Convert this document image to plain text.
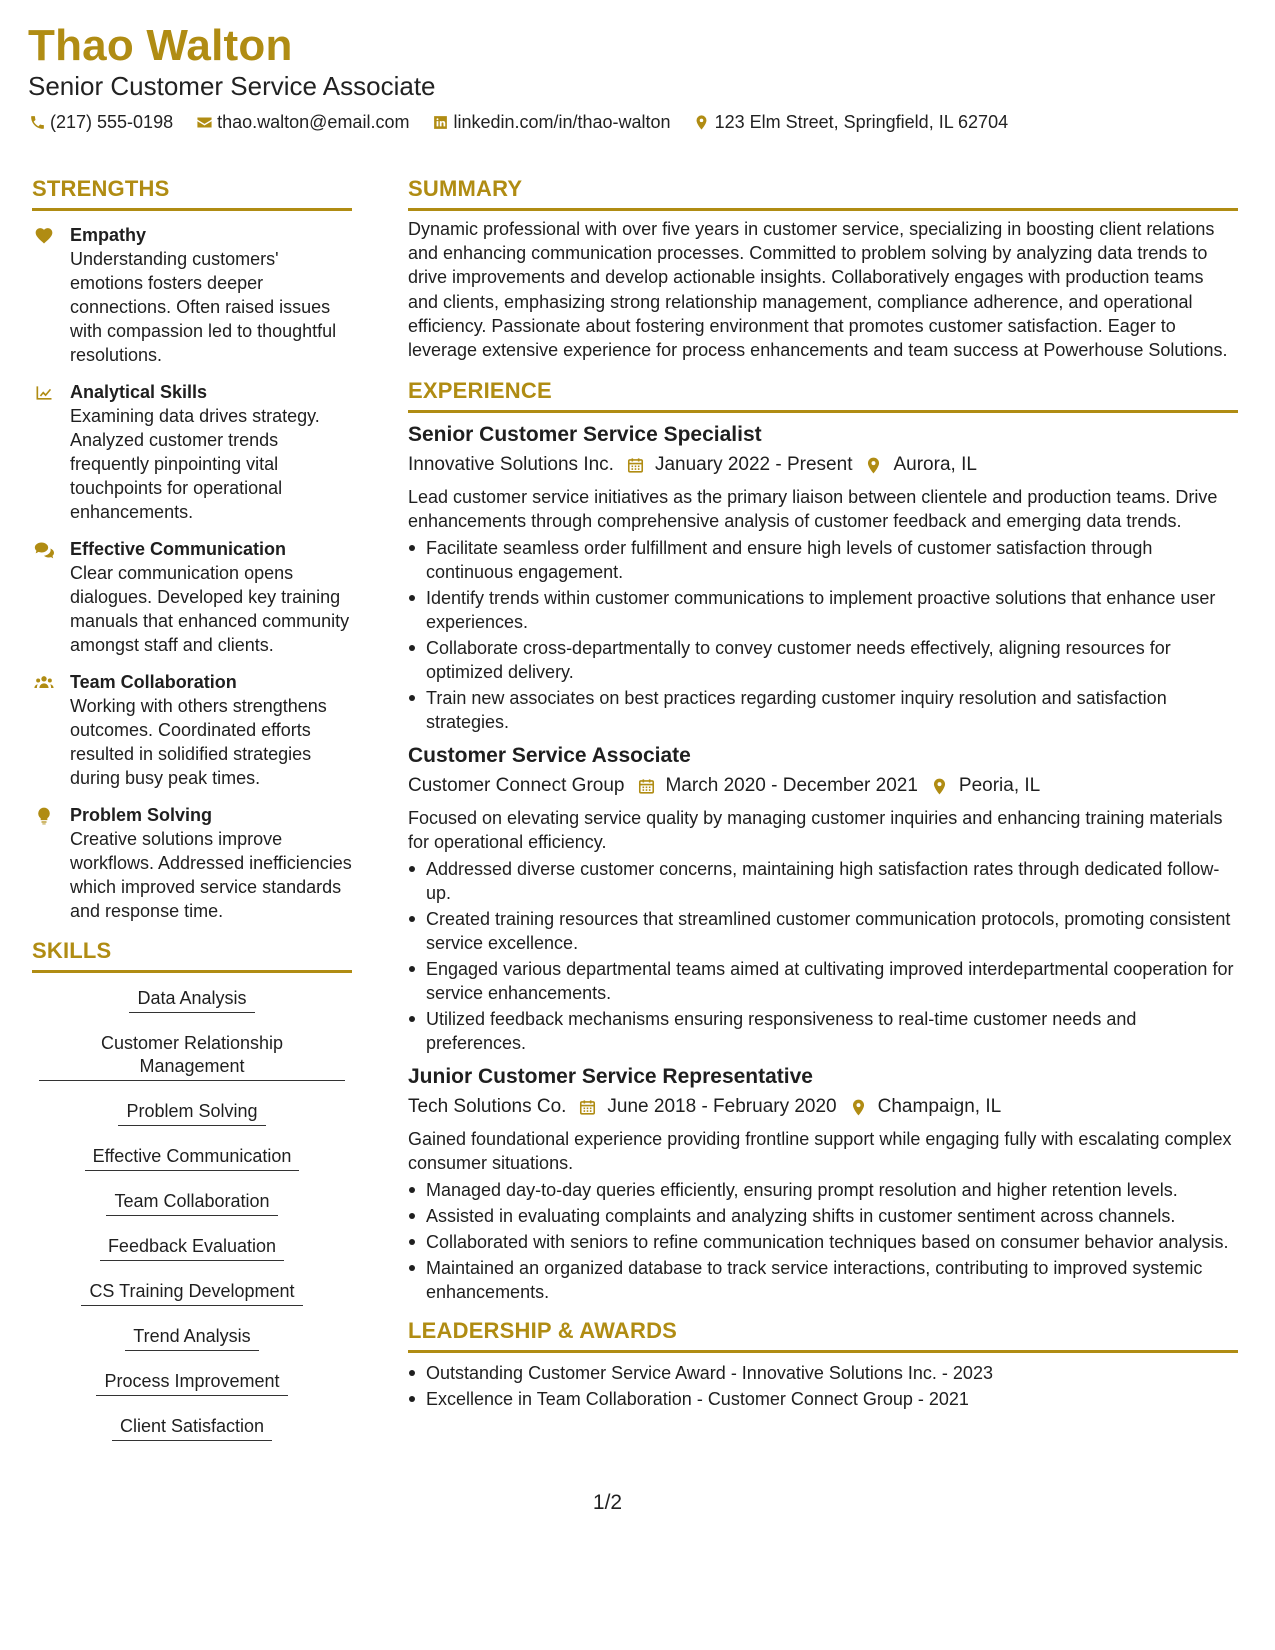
Thao Walton
Senior Customer Service Associate
(217) 555-0198 thao.walton@email.com linkedin.com/in/thao-walton 123 Elm Street, Springfield, IL 62704
STRENGTHS
Empathy
Understanding customers' emotions fosters deeper connections. Often raised issues with compassion led to thoughtful resolutions.
Analytical Skills
Examining data drives strategy. Analyzed customer trends frequently pinpointing vital touchpoints for operational enhancements.
Effective Communication
Clear communication opens dialogues. Developed key training manuals that enhanced community amongst staff and clients.
Team Collaboration
Working with others strengthens outcomes. Coordinated efforts resulted in solidified strategies during busy peak times.
Problem Solving
Creative solutions improve workflows. Addressed inefficiencies which improved service standards and response time.
SKILLS
Data Analysis
Customer Relationship Management
Problem Solving
Effective Communication
Team Collaboration
Feedback Evaluation
CS Training Development
Trend Analysis
Process Improvement
Client Satisfaction
SUMMARY
Dynamic professional with over five years in customer service, specializing in boosting client relations and enhancing communication processes. Committed to problem solving by analyzing data trends to drive improvements and develop actionable insights. Collaboratively engages with production teams and clients, emphasizing strong relationship management, compliance adherence, and operational efficiency. Passionate about fostering environment that promotes customer satisfaction. Eager to leverage extensive experience for process enhancements and team success at Powerhouse Solutions.
EXPERIENCE
Senior Customer Service Specialist
Innovative Solutions Inc. January 2022 - Present Aurora, IL
Lead customer service initiatives as the primary liaison between clientele and production teams. Drive enhancements through comprehensive analysis of customer feedback and emerging data trends.
Facilitate seamless order fulfillment and ensure high levels of customer satisfaction through continuous engagement.
Identify trends within customer communications to implement proactive solutions that enhance user experiences.
Collaborate cross-departmentally to convey customer needs effectively, aligning resources for optimized delivery.
Train new associates on best practices regarding customer inquiry resolution and satisfaction strategies.
Customer Service Associate
Customer Connect Group March 2020 - December 2021 Peoria, IL
Focused on elevating service quality by managing customer inquiries and enhancing training materials for operational efficiency.
Addressed diverse customer concerns, maintaining high satisfaction rates through dedicated follow-up.
Created training resources that streamlined customer communication protocols, promoting consistent service excellence.
Engaged various departmental teams aimed at cultivating improved interdepartmental cooperation for service enhancements.
Utilized feedback mechanisms ensuring responsiveness to real-time customer needs and preferences.
Junior Customer Service Representative
Tech Solutions Co. June 2018 - February 2020 Champaign, IL
Gained foundational experience providing frontline support while engaging fully with escalating complex consumer situations.
Managed day-to-day queries efficiently, ensuring prompt resolution and higher retention levels.
Assisted in evaluating complaints and analyzing shifts in customer sentiment across channels.
Collaborated with seniors to refine communication techniques based on consumer behavior analysis.
Maintained an organized database to track service interactions, contributing to improved systemic enhancements.
LEADERSHIP & AWARDS
Outstanding Customer Service Award - Innovative Solutions Inc. - 2023
Excellence in Team Collaboration - Customer Connect Group - 2021
1/2
